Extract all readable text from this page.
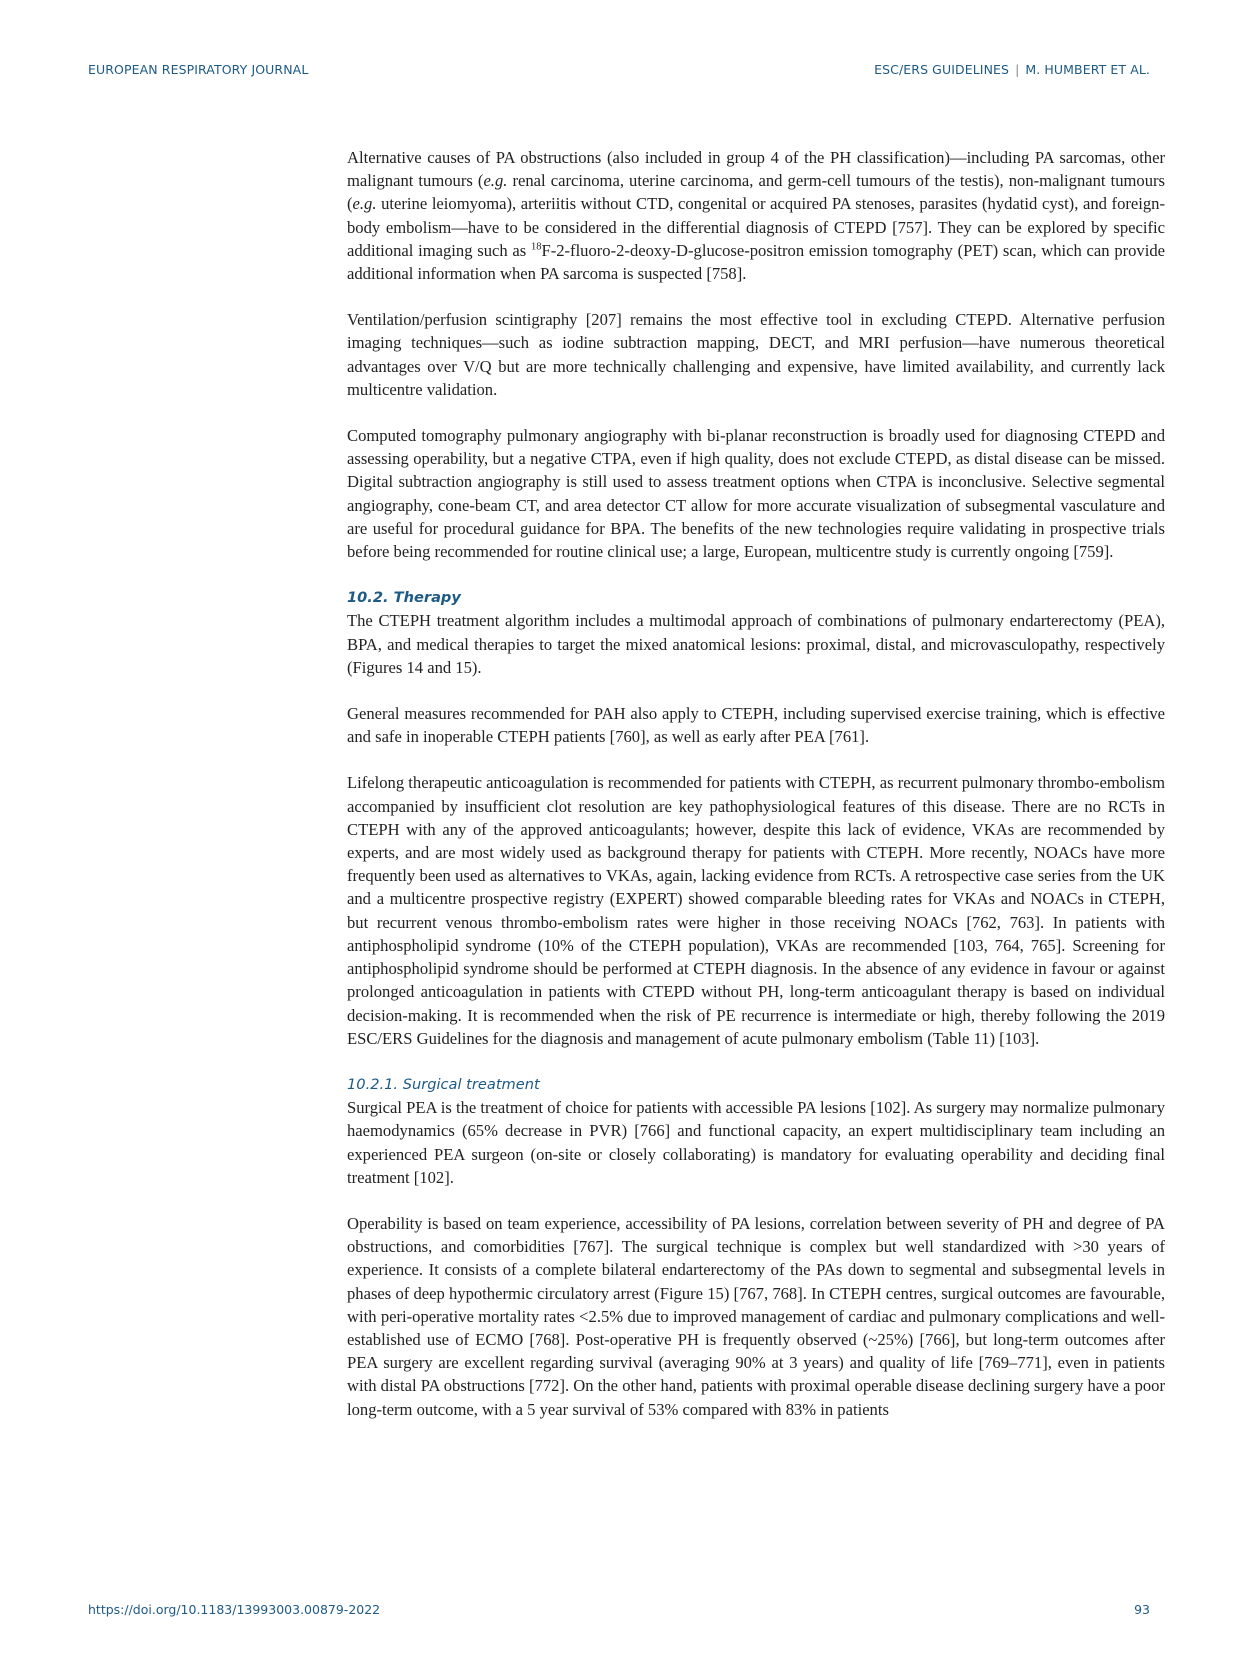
EUROPEAN RESPIRATORY JOURNAL	ESC/ERS GUIDELINES | M. HUMBERT ET AL.

Alternative causes of PA obstructions (also included in group 4 of the PH classification)—including PA sarcomas, other malignant tumours (e.g. renal carcinoma, uterine carcinoma, and germ-cell tumours of the testis), non-malignant tumours (e.g. uterine leiomyoma), arteriitis without CTD, congenital or acquired PA stenoses, parasites (hydatid cyst), and foreign-body embolism—have to be considered in the differential diagnosis of CTEPD [757]. They can be explored by specific additional imaging such as $^{18}$F-2-fluoro-2-deoxy-D-glucose-positron emission tomography (PET) scan, which can provide additional information when PA sarcoma is suspected [758].

Ventilation/perfusion scintigraphy [207] remains the most effective tool in excluding CTEPD. Alternative perfusion imaging techniques—such as iodine subtraction mapping, DECT, and MRI perfusion—have numerous theoretical advantages over V/Q but are more technically challenging and expensive, have limited availability, and currently lack multicentre validation.

Computed tomography pulmonary angiography with bi-planar reconstruction is broadly used for diagnosing CTEPD and assessing operability, but a negative CTPA, even if high quality, does not exclude CTEPD, as distal disease can be missed. Digital subtraction angiography is still used to assess treatment options when CTPA is inconclusive. Selective segmental angiography, cone-beam CT, and area detector CT allow for more accurate visualization of subsegmental vasculature and are useful for procedural guidance for BPA. The benefits of the new technologies require validating in prospective trials before being recommended for routine clinical use; a large, European, multicentre study is currently ongoing [759].

10.2. Therapy

The CTEPH treatment algorithm includes a multimodal approach of combinations of pulmonary endarterectomy (PEA), BPA, and medical therapies to target the mixed anatomical lesions: proximal, distal, and microvasculopathy, respectively (Figures 14 and 15).

General measures recommended for PAH also apply to CTEPH, including supervised exercise training, which is effective and safe in inoperable CTEPH patients [760], as well as early after PEA [761].

Lifelong therapeutic anticoagulation is recommended for patients with CTEPH, as recurrent pulmonary thrombo-embolism accompanied by insufficient clot resolution are key pathophysiological features of this disease. There are no RCTs in CTEPH with any of the approved anticoagulants; however, despite this lack of evidence, VKAs are recommended by experts, and are most widely used as background therapy for patients with CTEPH. More recently, NOACs have more frequently been used as alternatives to VKAs, again, lacking evidence from RCTs. A retrospective case series from the UK and a multicentre prospective registry (EXPERT) showed comparable bleeding rates for VKAs and NOACs in CTEPH, but recurrent venous thrombo-embolism rates were higher in those receiving NOACs [762, 763]. In patients with antiphospholipid syndrome (10% of the CTEPH population), VKAs are recommended [103, 764, 765]. Screening for antiphospholipid syndrome should be performed at CTEPH diagnosis. In the absence of any evidence in favour or against prolonged anticoagulation in patients with CTEPD without PH, long-term anticoagulant therapy is based on individual decision-making. It is recommended when the risk of PE recurrence is intermediate or high, thereby following the 2019 ESC/ERS Guidelines for the diagnosis and management of acute pulmonary embolism (Table 11) [103].

10.2.1. Surgical treatment

Surgical PEA is the treatment of choice for patients with accessible PA lesions [102]. As surgery may normalize pulmonary haemodynamics (65% decrease in PVR) [766] and functional capacity, an expert multidisciplinary team including an experienced PEA surgeon (on-site or closely collaborating) is mandatory for evaluating operability and deciding final treatment [102].

Operability is based on team experience, accessibility of PA lesions, correlation between severity of PH and degree of PA obstructions, and comorbidities [767]. The surgical technique is complex but well standardized with >30 years of experience. It consists of a complete bilateral endarterectomy of the PAs down to segmental and subsegmental levels in phases of deep hypothermic circulatory arrest (Figure 15) [767, 768]. In CTEPH centres, surgical outcomes are favourable, with peri-operative mortality rates <2.5% due to improved management of cardiac and pulmonary complications and well-established use of ECMO [768]. Post-operative PH is frequently observed (~25%) [766], but long-term outcomes after PEA surgery are excellent regarding survival (averaging 90% at 3 years) and quality of life [769–771], even in patients with distal PA obstructions [772]. On the other hand, patients with proximal operable disease declining surgery have a poor long-term outcome, with a 5 year survival of 53% compared with 83% in patients

https://doi.org/10.1183/13993003.00879-2022	93
